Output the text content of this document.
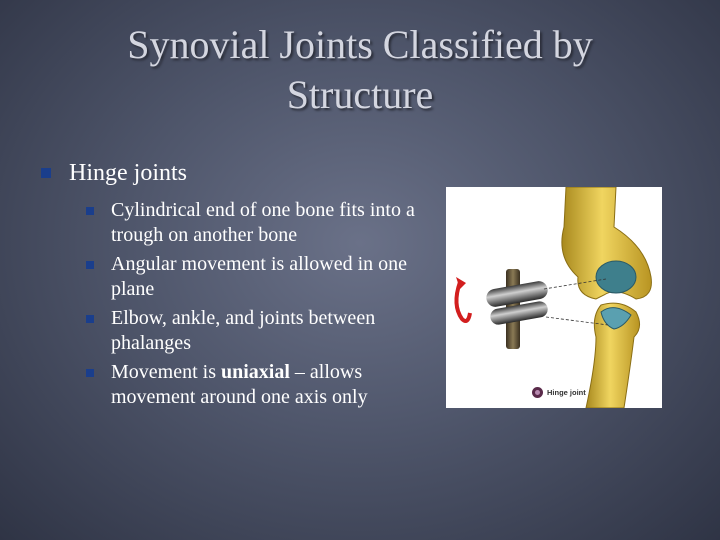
Synovial Joints Classified by
Structure
Hinge joints
Cylindrical end of one bone fits into a trough on another bone
Angular movement is allowed in one plane
Elbow, ankle, and joints between phalanges
Movement is uniaxial – allows movement around one axis only	Hinge joint
